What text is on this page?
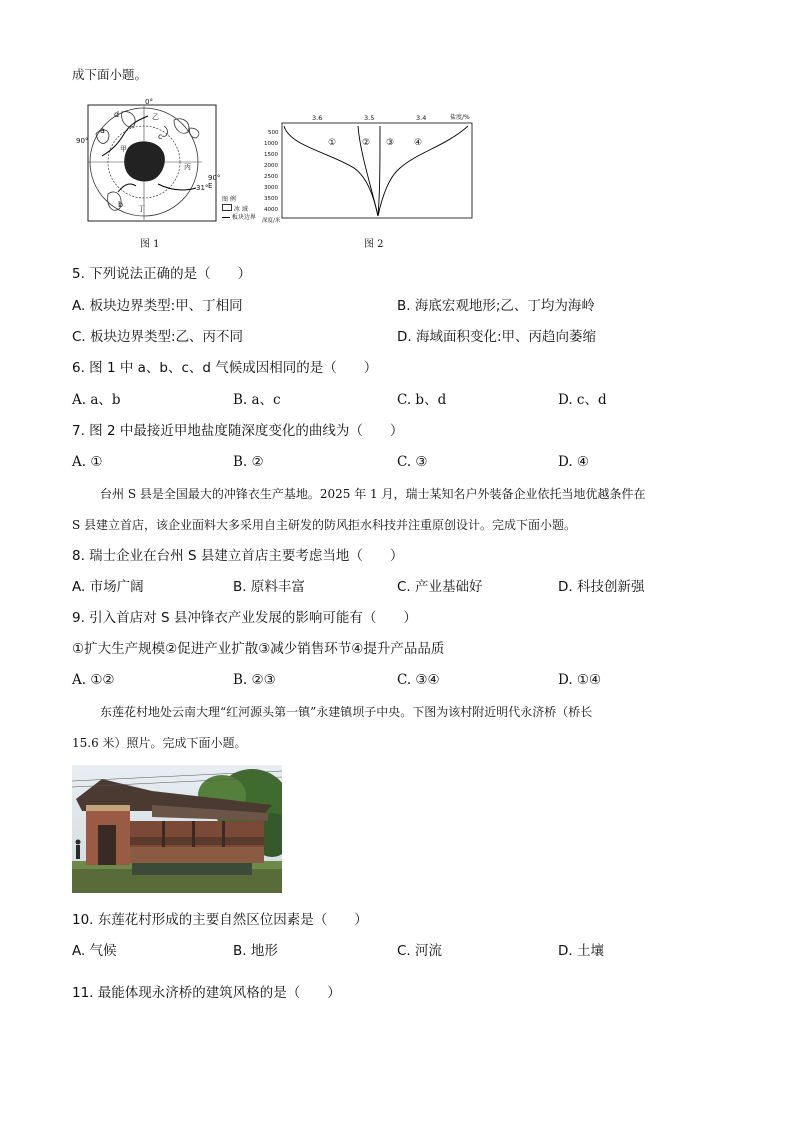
成下面小题。
0°
90°
90° E
31°
d
a
c
b
甲
乙
丙
丁
图 例
冰 域
板块边界
图 1
3.6	3.5	3.4	盐度/%
500
1000
1500
2000
2500
3000
3500
4000
深度/米
①	② ③ ④
图 2
5. 下列说法正确的是（　　）
A. 板块边界类型:甲、丁相同	B. 海底宏观地形;乙、丁均为海岭
C. 板块边界类型:乙、丙不同	D. 海域面积变化:甲、丙趋向萎缩
6. 图 1 中 a、b、c、d 气候成因相同的是（　　）
A. a、b	B. a、c	C. b、d	D. c、d
7. 图 2 中最接近甲地盐度随深度变化的曲线为（　　）
A. ①	B. ②	C. ③	D. ④
台州 S 县是全国最大的冲锋衣生产基地。2025 年 1 月，瑞士某知名户外装备企业依托当地优越条件在
S 县建立首店，该企业面料大多采用自主研发的防风拒水科技并注重原创设计。完成下面小题。
8. 瑞士企业在台州 S 县建立首店主要考虑当地（　　）
A. 市场广阔	B. 原料丰富	C. 产业基础好	D. 科技创新强
9. 引入首店对 S 县冲锋衣产业发展的影响可能有（　　）
①扩大生产规模②促进产业扩散③减少销售环节④提升产品品质
A. ①②	B. ②③	C. ③④	D. ①④
东莲花村地处云南大理“红河源头第一镇”永建镇坝子中央。下图为该村附近明代永济桥（桥长
15.6 米）照片。完成下面小题。
10. 东莲花村形成的主要自然区位因素是（　　）
A. 气候	B. 地形	C. 河流	D. 土壤
11. 最能体现永济桥的建筑风格的是（　　）
